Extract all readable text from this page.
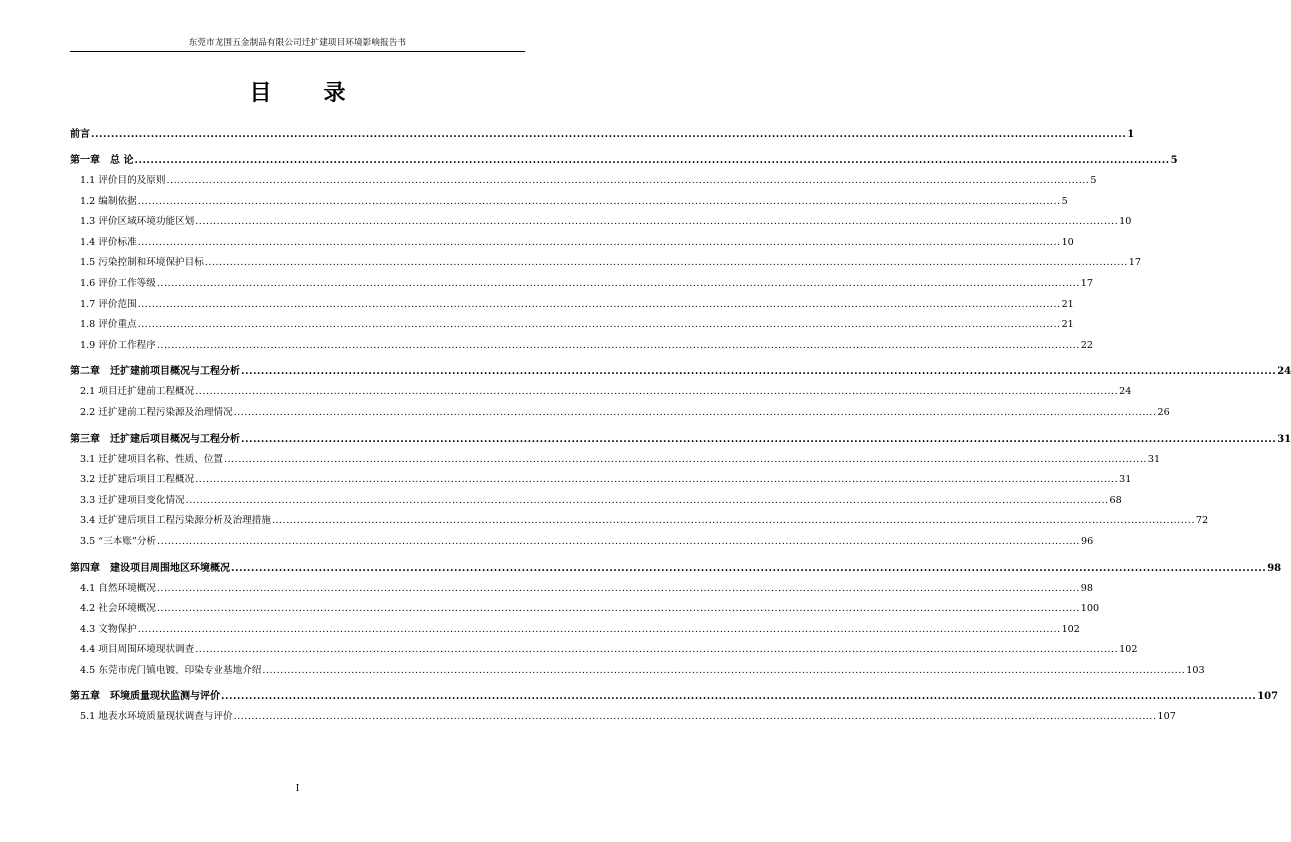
东莞市龙围五金制品有限公司迁扩建项目环境影响报告书
目 录
前言 .................................................................................................................................................................................................................................................................... 1
第一章　总 论 .................................................................................................................................................................................................................................................................... 5
1.1 评价目的及原则 .................................................................................................................................................................................................................................................................... 5
1.2 编制依据 .................................................................................................................................................................................................................................................................... 5
1.3 评价区域环境功能区划 .................................................................................................................................................................................................................................................................... 10
1.4 评价标准 .................................................................................................................................................................................................................................................................... 10
1.5 污染控制和环境保护目标 .................................................................................................................................................................................................................................................................... 17
1.6 评价工作等级 .................................................................................................................................................................................................................................................................... 17
1.7 评价范围 .................................................................................................................................................................................................................................................................... 21
1.8 评价重点 .................................................................................................................................................................................................................................................................... 21
1.9 评价工作程序 .................................................................................................................................................................................................................................................................... 22
第二章　迁扩建前项目概况与工程分析 .................................................................................................................................................................................................................................................................... 24
2.1 项目迁扩建前工程概况 .................................................................................................................................................................................................................................................................... 24
2.2 迁扩建前工程污染源及治理情况 .................................................................................................................................................................................................................................................................... 26
第三章　迁扩建后项目概况与工程分析 .................................................................................................................................................................................................................................................................... 31
3.1 迁扩建项目名称、性质、位置 .................................................................................................................................................................................................................................................................... 31
3.2 迁扩建后项目工程概况 .................................................................................................................................................................................................................................................................... 31
3.3 迁扩建项目变化情况 .................................................................................................................................................................................................................................................................... 68
3.4 迁扩建后项目工程污染源分析及治理措施 .................................................................................................................................................................................................................................................................... 72
3.5 “三本账”分析 .................................................................................................................................................................................................................................................................... 96
第四章　建设项目周围地区环境概况 .................................................................................................................................................................................................................................................................... 98
4.1 自然环境概况 .................................................................................................................................................................................................................................................................... 98
4.2 社会环境概况 .................................................................................................................................................................................................................................................................... 100
4.3 文物保护 .................................................................................................................................................................................................................................................................... 102
4.4 项目周围环境现状调查 .................................................................................................................................................................................................................................................................... 102
4.5 东莞市虎门镇电镀、印染专业基地介绍 .................................................................................................................................................................................................................................................................... 103
第五章　环境质量现状监测与评价 .................................................................................................................................................................................................................................................................... 107
5.1 地表水环境质量现状调查与评价 .................................................................................................................................................................................................................................................................... 107
I
